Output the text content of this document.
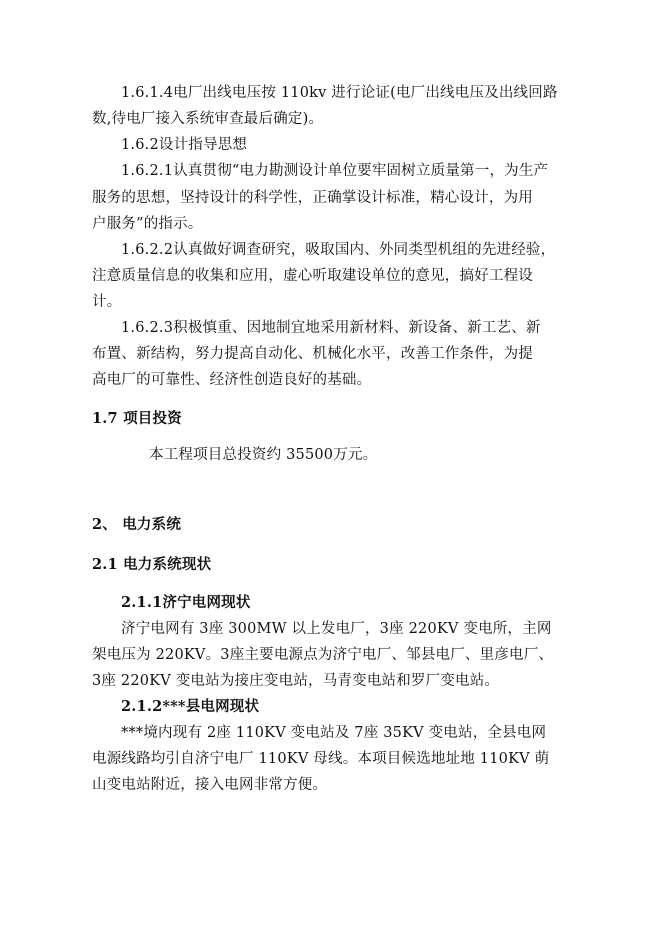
1.6.1.4电厂出线电压按 110kv 进行论证(电厂出线电压及出线回路
数,待电厂接入系统审查最后确定)。
1.6.2设计指导思想
1.6.2.1认真贯彻“电力勘测设计单位要牢固树立质量第一，为生产
服务的思想，坚持设计的科学性，正确掌设计标准，精心设计，为用
户服务”的指示。
1.6.2.2认真做好调查研究，吸取国内、外同类型机组的先进经验，
注意质量信息的收集和应用，虚心听取建设单位的意见，搞好工程设
计。
1.6.2.3积极慎重、因地制宜地采用新材料、新设备、新工艺、新
布置、新结构，努力提高自动化、机械化水平，改善工作条件，为提
高电厂的可靠性、经济性创造良好的基础。
1.7 项目投资
本工程项目总投资约 35500万元。
2、 电力系统
2.1 电力系统现状
2.1.1济宁电网现状
济宁电网有 3座 300MW 以上发电厂，3座 220KV 变电所，主网
架电压为 220KV。3座主要电源点为济宁电厂、邹县电厂、里彦电厂、
3座 220KV 变电站为接庄变电站，马青变电站和罗厂变电站。
2.1.2***县电网现状
***境内现有 2座 110KV 变电站及 7座 35KV 变电站，全县电网
电源线路均引自济宁电厂 110KV 母线。本项目候选地址地 110KV 萌
山变电站附近，接入电网非常方便。
